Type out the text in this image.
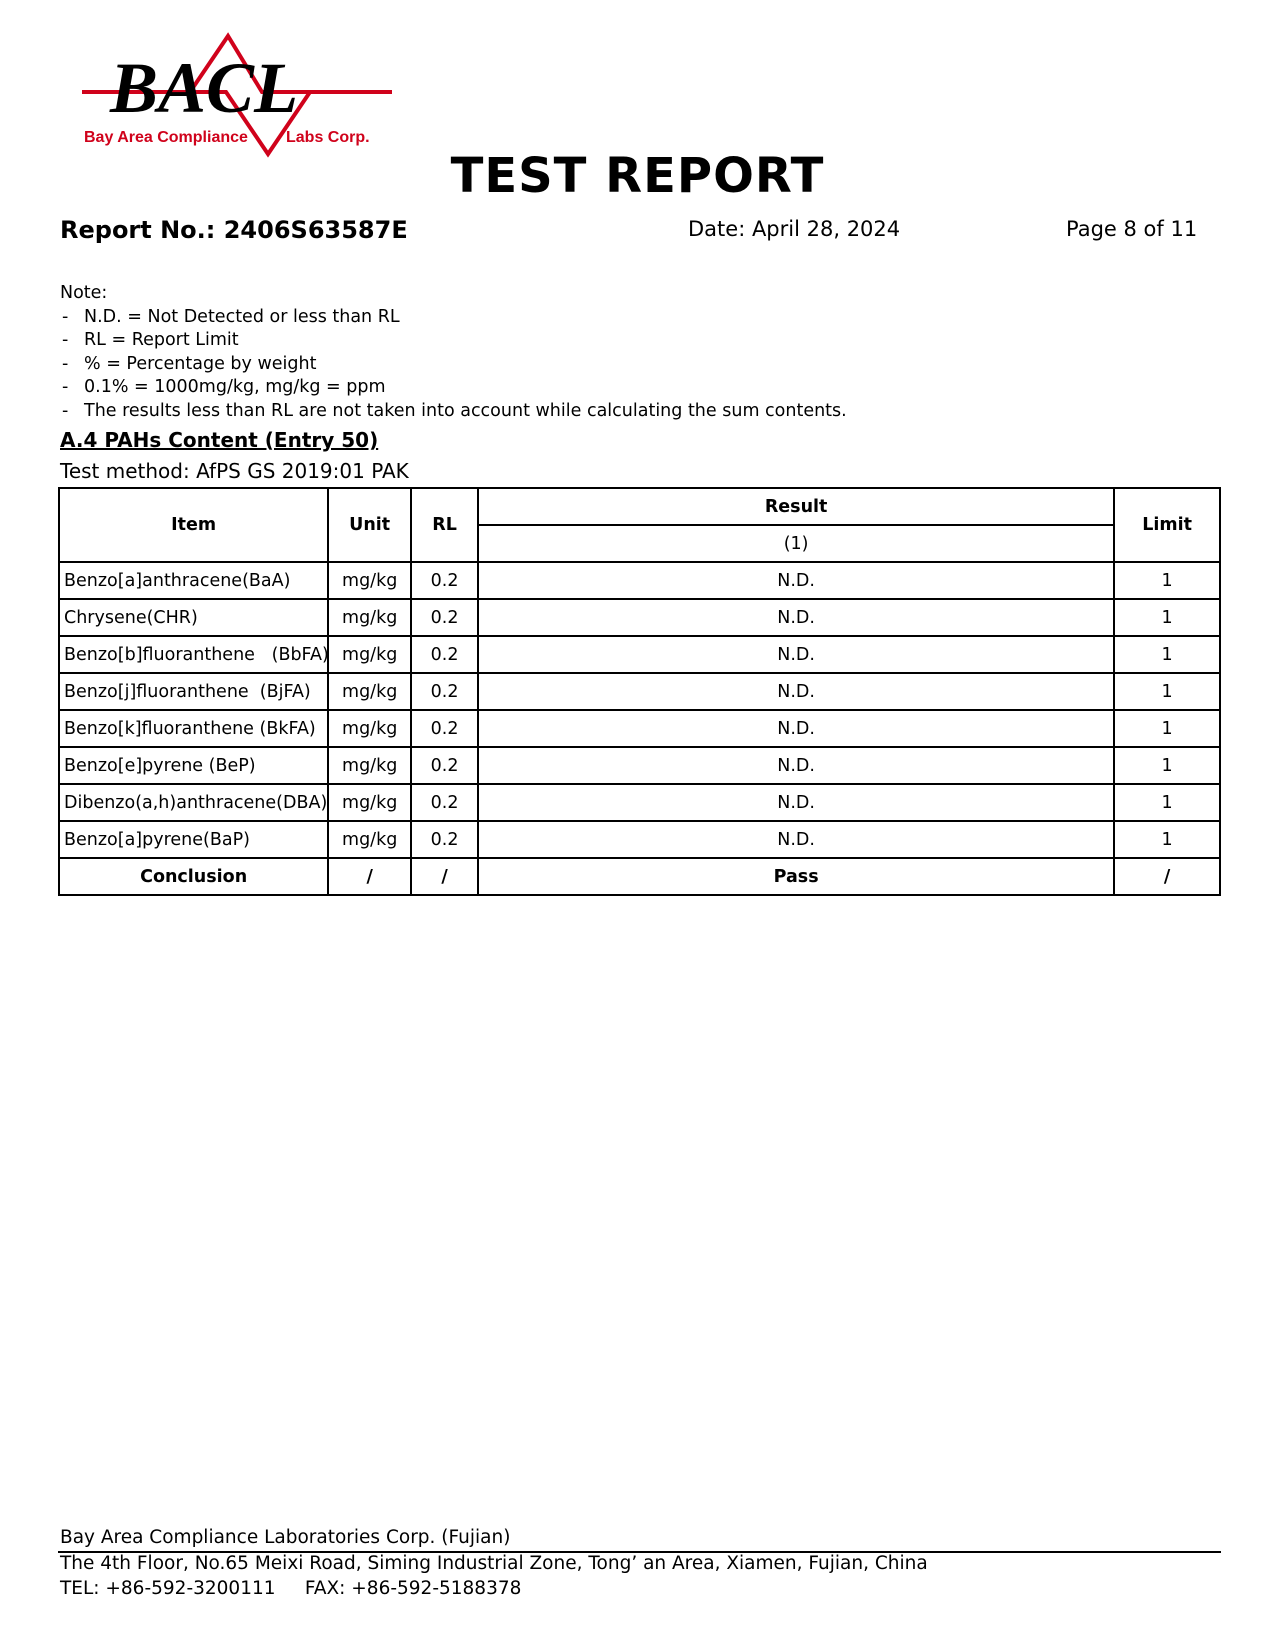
BACL
Bay Area Compliance Labs Corp.
TEST REPORT
Report No.: 2406S63587E	Date: April 28, 2024	Page 8 of 11
Note:
- N.D. = Not Detected or less than RL
- RL = Report Limit
- % = Percentage by weight
- 0.1% = 1000mg/kg, mg/kg = ppm
- The results less than RL are not taken into account while calculating the sum contents.
A.4 PAHs Content (Entry 50)
Test method: AfPS GS 2019:01 PAK
Item	Unit	RL	Result	Limit
			(1)	
Benzo[a]anthracene(BaA)	mg/kg	0.2	N.D.	1
Chrysene(CHR)	mg/kg	0.2	N.D.	1
Benzo[b]fluoranthene   (BbFA)	mg/kg	0.2	N.D.	1
Benzo[j]fluoranthene  (BjFA)	mg/kg	0.2	N.D.	1
Benzo[k]fluoranthene (BkFA)	mg/kg	0.2	N.D.	1
Benzo[e]pyrene (BeP)	mg/kg	0.2	N.D.	1
Dibenzo(a,h)anthracene(DBA)	mg/kg	0.2	N.D.	1
Benzo[a]pyrene(BaP)	mg/kg	0.2	N.D.	1
Conclusion	/	/	Pass	/
Bay Area Compliance Laboratories Corp. (Fujian)
The 4th Floor, No.65 Meixi Road, Siming Industrial Zone, Tong’ an Area, Xiamen, Fujian, China
TEL: +86-592-3200111     FAX: +86-592-5188378
